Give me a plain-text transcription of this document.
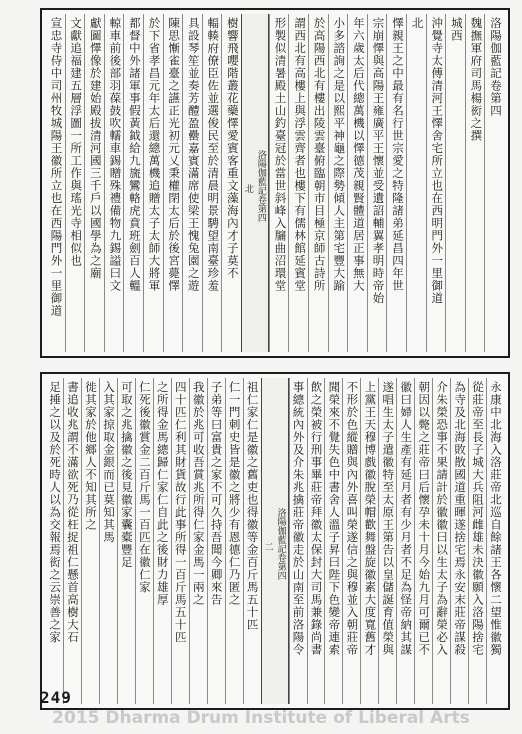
洛陽伽藍記卷第四
魏撫軍府司馬楊衒之撰
城西
沖覺寺太傅清河王懌舍宅所立也在西明門外一里御道
北
懌親王之中最有名行世宗愛之特隆諸弟延昌四年世
宗崩懌與高陽王雍廣平王懷並受遺詔輔翼孝明時帝始
年六歲太后代總萬機以懌德茂親賢體道居正事無大
小多諮詢之是以熙平神龜之際勢傾人主第宅豐大踰
於高陽西北有樓出陵雲臺俯臨朝市目極京師古詩所
謂西北有高樓上與浮雲齊者也樓下有儒林館延賓堂
形製似清暑殿土山釣臺冠於當世斜峰入牖曲沼環堂
洛陽伽藍記卷第四
北
樹響飛嚶階叢花藥懌愛賓客重文藻海內才子莫不
輻輳府僚臣佐並選俊民至於清晨明景騁望南臺珍羞
具設琴笙並奏芳醴盈罍嘉賓滿席使梁王愧兔園之遊
陳思慚雀臺之讌正光初元乂秉權閉太后於後宮薨懌
於下省孝昌元年太后還總萬機追贈太子太師大將軍
都督中外諸軍事假黃鉞給九旒鸞輅虎賁班劍百人轀
輬車前後部羽葆鼓吹轜車錫贈殊禮備物九錫謚曰文
獻圖懌像於建始殿拔清河國三千戶以國學為之廟
文獻追福建五層浮圖一所工作與瑤光寺相似也
宣忠寺侍中司州牧城陽王徽所立也在西陽門外一里御道
永康中北海入洛莊帝北巡自餘諸王各懷二望惟徽獨
從莊帝至長子城大兵阻河雌雄未決徽願入洛陽捨宅
為寺及北海敗散國道重暉遂捨宅焉永安末莊帝謀殺
介朱榮恐事不果請計於徽徽曰以生太子為辭榮必入
朝因以斃之莊帝曰后懷孕未十月今始九月可爾已不
徽曰婦人生產有延月者有少月者不足為怪帝納其謀
遂唱生太子遣徽特至太原王第告以皇儲誕育值榮與
上黨王天穆博戲徽脫榮帽歡舞盤旋徽素大度寬舊才
不形於色縱贈與內外喜叫榮遂信之與穆並入朝莊帝
聞榮來不覺失色中書舍人溫子昇曰陛下色變帝連索
飲之榮被行刑事畢莊帝拜徽太保封大司馬兼錄尚書
事總統內外及介朱兆擒莊帝徽走於山南至前洛陽令
洛陽伽藍記卷第四
二
祖仁家仁是徽之舊吏也得徽等金百斤馬五十匹
仁一門刺史皆是徽之將少有恩德仁乃匿之
子弟等曰富貴之家不可久持吾聞今卿來告
我徽於兆可收吾賞兆所得仁家金馬一兩之
四十匹仁利其財貨故行此事所得一百斤馬五十匹
之所得金馬總歸仁家仁自此之後財力雄厚
仁死後徽賞金二百斤馬一百匹在徽仁家
可取之兆擒徽之後見徽家囊橐豐足
入其家掠取金銀而已莫知其馬
徙其家於他鄉人不知其所之
書追收兆謂不滿欲死乃從枉捉祖仁懸首高樹大石
足捶之以及於死時人以為交報焉衒之云崇善之家
249
2015 Dharma Drum Institute of Liberal Arts
